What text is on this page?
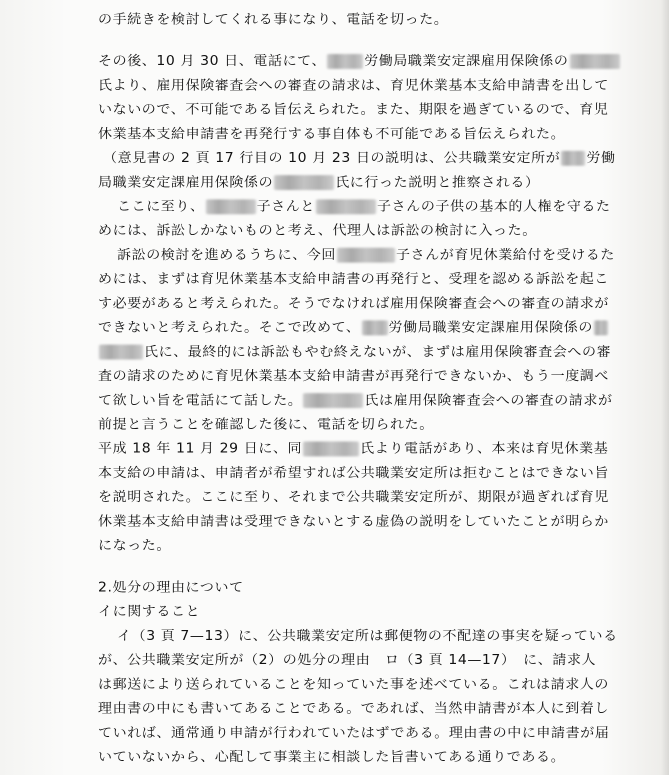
の手続きを検討してくれる事になり、電話を切った。
その後、10 月 30 日、電話にて、	労働局職業安定課雇用保険係の
氏より、雇用保険審査会への審査の請求は、育児休業基本支給申請書を出して
いないので、不可能である旨伝えられた。また、期限を過ぎているので、育児
休業基本支給申請書を再発行する事自体も不可能である旨伝えられた。
（意見書の 2 頁 17 行目の 10 月 23 日の説明は、公共職業安定所が 労働
局職業安定課雇用保険係の	氏に行った説明と推察される）
ここに至り、	子さんと	子さんの子供の基本的人権を守るた
めには、訴訟しかないものと考え、代理人は訴訟の検討に入った。
訴訟の検討を進めるうちに、今回	子さんが育児休業給付を受けるた
めには、まずは育児休業基本支給申請書の再発行と、受理を認める訴訟を起こ
す必要があると考えられた。そうでなければ雇用保険審査会への審査の請求が
できないと考えられた。そこで改めて、 労働局職業安定課雇用保険係の
氏に、最終的には訴訟もやむ終えないが、まずは雇用保険審査会への審
査の請求のために育児休業基本支給申請書が再発行できないか、もう一度調べ
て欲しい旨を電話にて話した。	氏は雇用保険審査会への審査の請求が
前提と言うことを確認した後に、電話を切られた。
平成 18 年 11 月 29 日に、同	氏より電話があり、本来は育児休業基
本支給の申請は、申請者が希望すれば公共職業安定所は拒むことはできない旨
を説明された。ここに至り、それまで公共職業安定所が、期限が過ぎれば育児
休業基本支給申請書は受理できないとする虚偽の説明をしていたことが明らか
になった。
2.処分の理由について
イに関すること
イ（3 頁 7—13）に、公共職業安定所は郵便物の不配達の事実を疑っている
が、公共職業安定所が（2）の処分の理由　ロ（3 頁 14—17）　に、請求人
は郵送により送られていることを知っていた事を述べている。これは請求人の
理由書の中にも書いてあることである。であれば、当然申請書が本人に到着し
ていれば、通常通り申請が行われていたはずである。理由書の中に申請書が届
いていないから、心配して事業主に相談した旨書いてある通りである。
